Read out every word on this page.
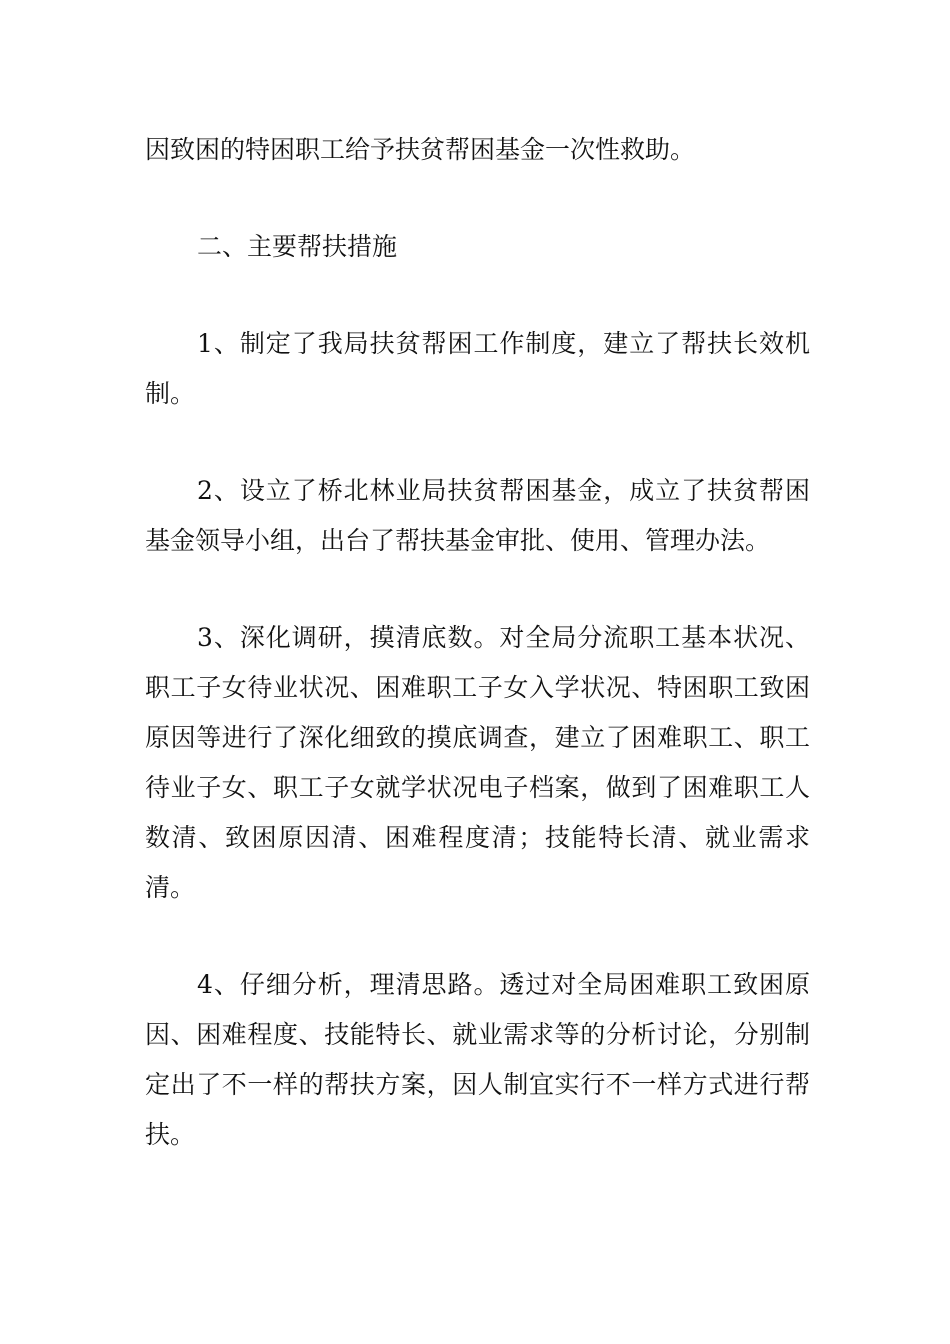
因致困的特困职工给予扶贫帮困基金一次性救助。

二、主要帮扶措施

1、制定了我局扶贫帮困工作制度，建立了帮扶长效机制。

2、设立了桥北林业局扶贫帮困基金，成立了扶贫帮困基金领导小组，出台了帮扶基金审批、使用、管理办法。

3、深化调研，摸清底数。对全局分流职工基本状况、职工子女待业状况、困难职工子女入学状况、特困职工致困原因等进行了深化细致的摸底调查，建立了困难职工、职工待业子女、职工子女就学状况电子档案，做到了困难职工人数清、致困原因清、困难程度清；技能特长清、就业需求清。

4、仔细分析，理清思路。透过对全局困难职工致困原因、困难程度、技能特长、就业需求等的分析讨论，分别制定出了不一样的帮扶方案，因人制宜实行不一样方式进行帮扶。
